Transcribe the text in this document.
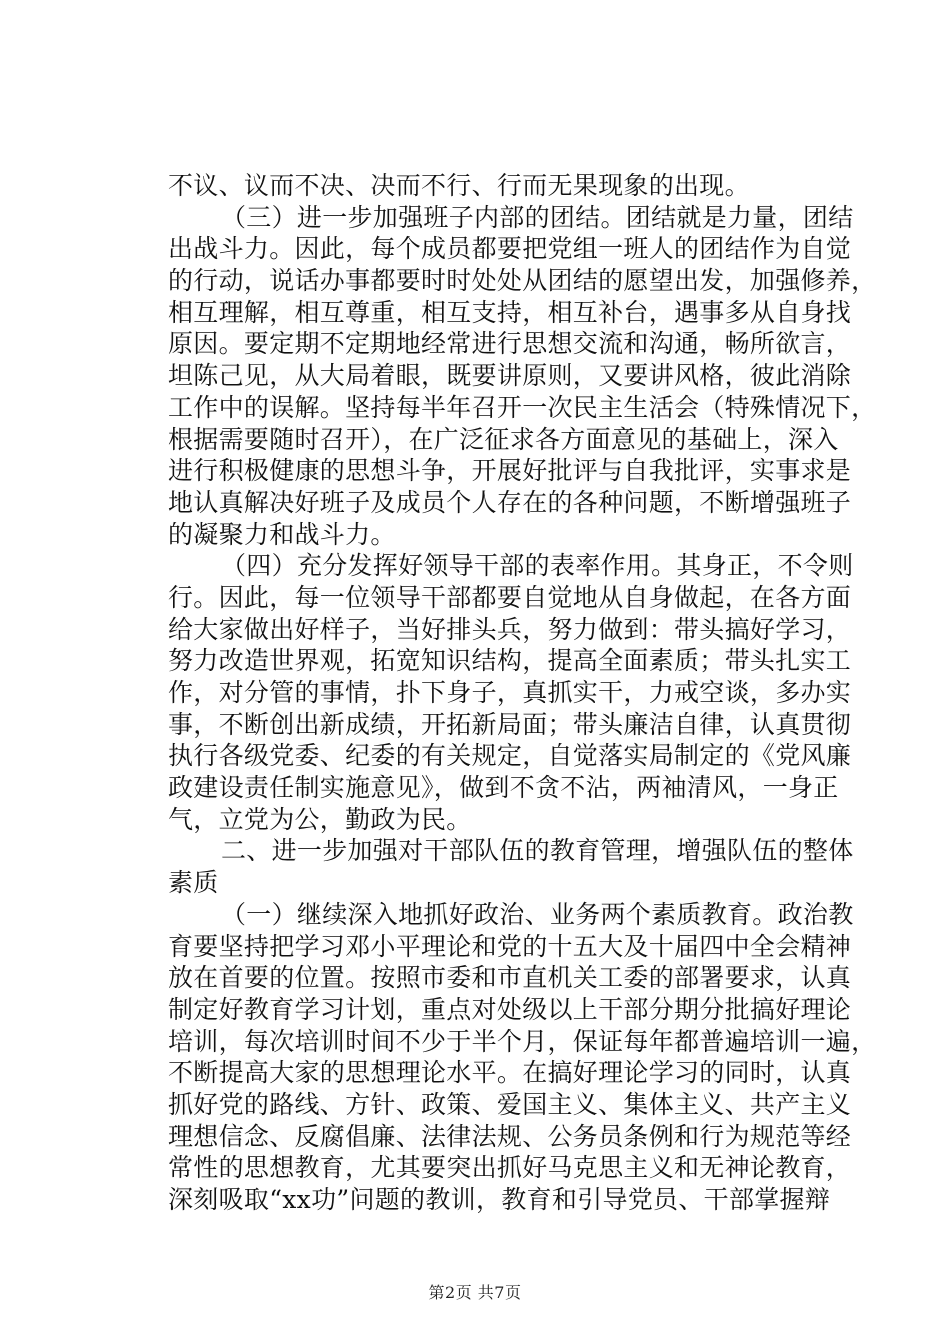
不议、议而不决、决而不行、行而无果现象的出现。
（三）进一步加强班子内部的团结。团结就是力量，团结
出战斗力。因此，每个成员都要把党组一班人的团结作为自觉
的行动，说话办事都要时时处处从团结的愿望出发，加强修养，
相互理解，相互尊重，相互支持，相互补台，遇事多从自身找
原因。要定期不定期地经常进行思想交流和沟通，畅所欲言，
坦陈己见，从大局着眼，既要讲原则，又要讲风格，彼此消除
工作中的误解。坚持每半年召开一次民主生活会（特殊情况下，
根据需要随时召开），在广泛征求各方面意见的基础上，深入
进行积极健康的思想斗争，开展好批评与自我批评，实事求是
地认真解决好班子及成员个人存在的各种问题，不断增强班子
的凝聚力和战斗力。
（四）充分发挥好领导干部的表率作用。其身正，不令则
行。因此，每一位领导干部都要自觉地从自身做起，在各方面
给大家做出好样子，当好排头兵，努力做到：带头搞好学习，
努力改造世界观，拓宽知识结构，提高全面素质；带头扎实工
作，对分管的事情，扑下身子，真抓实干，力戒空谈，多办实
事，不断创出新成绩，开拓新局面；带头廉洁自律，认真贯彻
执行各级党委、纪委的有关规定，自觉落实局制定的《党风廉
政建设责任制实施意见》，做到不贪不沾，两袖清风，一身正
气，立党为公，勤政为民。
二、进一步加强对干部队伍的教育管理，增强队伍的整体
素质
（一）继续深入地抓好政治、业务两个素质教育。政治教
育要坚持把学习邓小平理论和党的十五大及十届四中全会精神
放在首要的位置。按照市委和市直机关工委的部署要求，认真
制定好教育学习计划，重点对处级以上干部分期分批搞好理论
培训，每次培训时间不少于半个月，保证每年都普遍培训一遍，
不断提高大家的思想理论水平。在搞好理论学习的同时，认真
抓好党的路线、方针、政策、爱国主义、集体主义、共产主义
理想信念、反腐倡廉、法律法规、公务员条例和行为规范等经
常性的思想教育，尤其要突出抓好马克思主义和无神论教育，
深刻吸取“xx功”问题的教训，教育和引导党员、干部掌握辩
第2页 共7页
